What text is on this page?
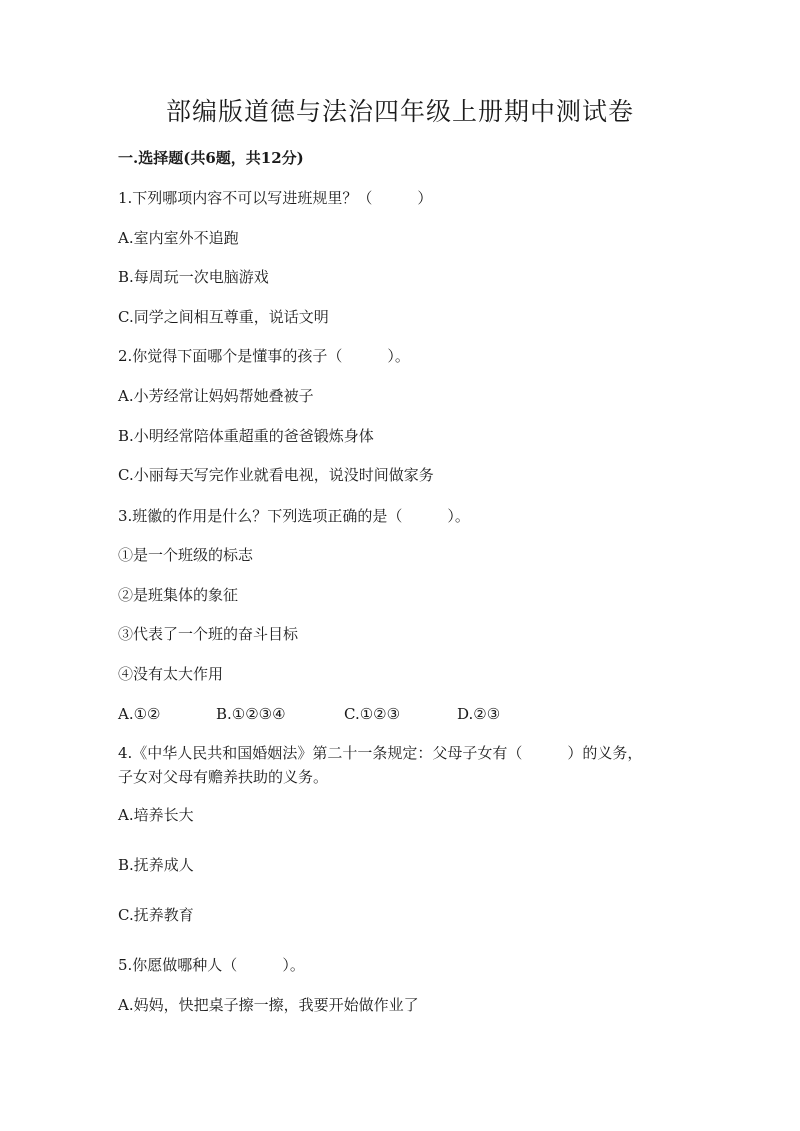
部编版道德与法治四年级上册期中测试卷
一.选择题(共6题，共12分)
1.下列哪项内容不可以写进班规里？（　　　）
A.室内室外不追跑
B.每周玩一次电脑游戏
C.同学之间相互尊重，说话文明
2.你觉得下面哪个是懂事的孩子（　　　）。
A.小芳经常让妈妈帮她叠被子
B.小明经常陪体重超重的爸爸锻炼身体
C.小丽每天写完作业就看电视，说没时间做家务
3.班徽的作用是什么？下列选项正确的是（　　　）。
①是一个班级的标志
②是班集体的象征
③代表了一个班的奋斗目标
④没有太大作用
A.①②	B.①②③④	C.①②③	D.②③
4.《中华人民共和国婚姻法》第二十一条规定：父母子女有（　　　）的义务，
子女对父母有赡养扶助的义务。
A.培养长大
B.抚养成人
C.抚养教育
5.你愿做哪种人（　　　）。
A.妈妈，快把桌子擦一擦，我要开始做作业了
